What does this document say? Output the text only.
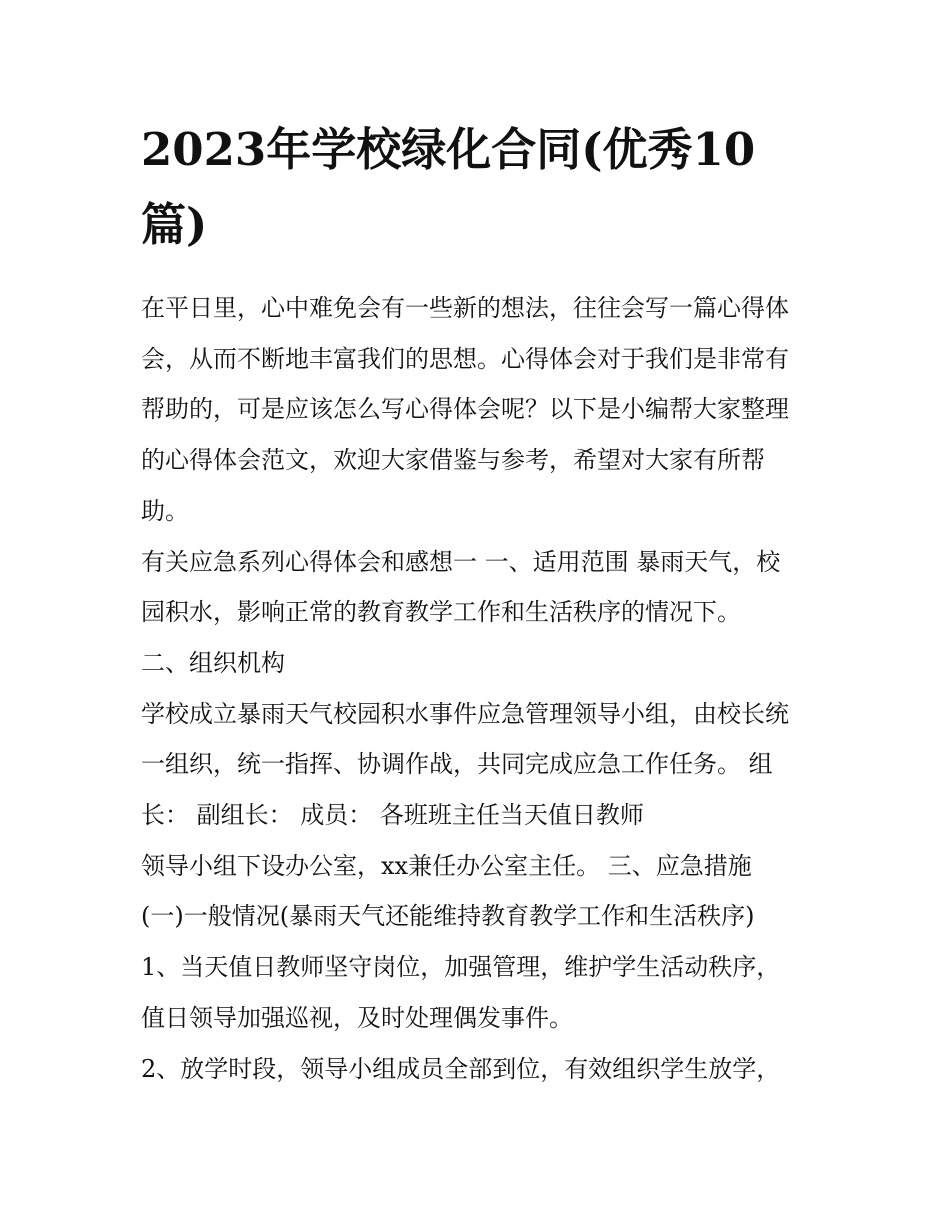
2023年学校绿化合同(优秀10
篇)
在平日里，心中难免会有一些新的想法，往往会写一篇心得体
会，从而不断地丰富我们的思想。心得体会对于我们是非常有
帮助的，可是应该怎么写心得体会呢？以下是小编帮大家整理
的心得体会范文，欢迎大家借鉴与参考，希望对大家有所帮
助。
有关应急系列心得体会和感想一 一、适用范围 暴雨天气，校
园积水，影响正常的教育教学工作和生活秩序的情况下。
二、组织机构
学校成立暴雨天气校园积水事件应急管理领导小组，由校长统
一组织，统一指挥、协调作战，共同完成应急工作任务。 组
长： 副组长： 成员： 各班班主任当天值日教师
领导小组下设办公室，xx兼任办公室主任。 三、应急措施
(一)一般情况(暴雨天气还能维持教育教学工作和生活秩序)
1、当天值日教师坚守岗位，加强管理，维护学生活动秩序，
值日领导加强巡视，及时处理偶发事件。
2、放学时段，领导小组成员全部到位，有效组织学生放学，
